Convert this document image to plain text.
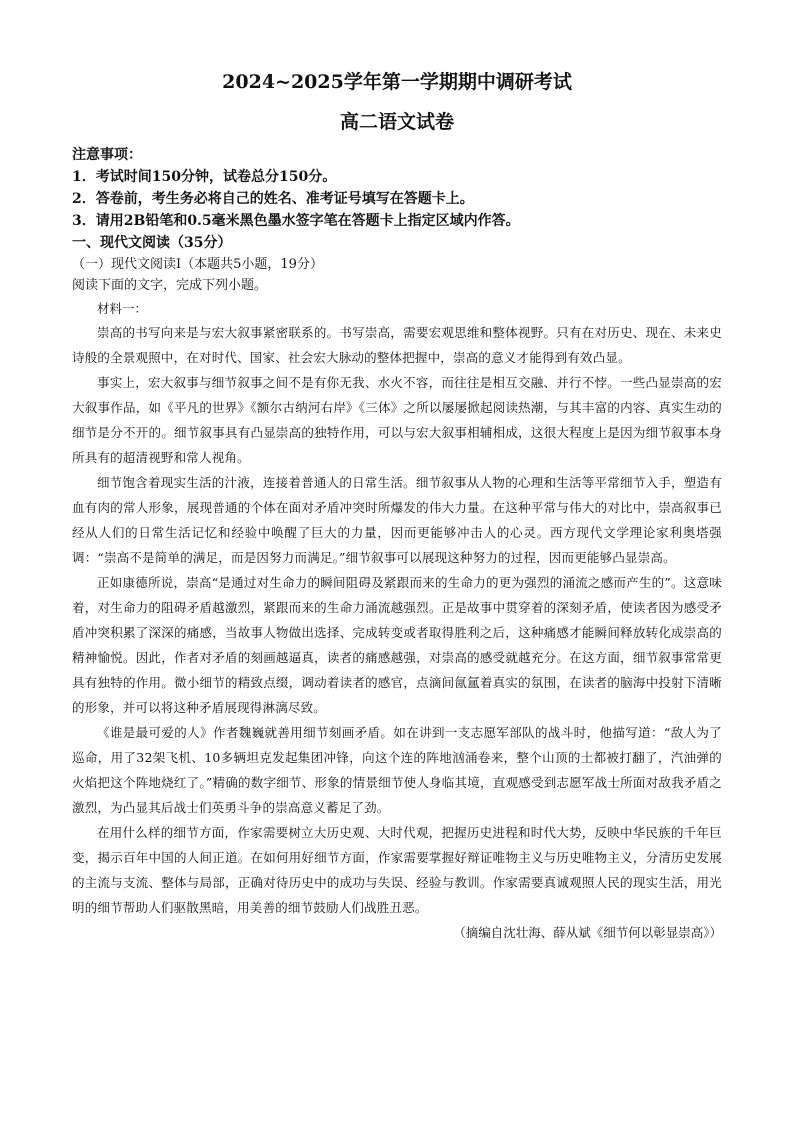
2024~2025学年第一学期期中调研考试
高二语文试卷

注意事项：

1．考试时间150分钟，试卷总分150分。

2．答卷前，考生务必将自己的姓名、准考证号填写在答题卡上。

3．请用2B铅笔和0.5毫米黑色墨水签字笔在答题卡上指定区域内作答。

一、现代文阅读（35分）

（一）现代文阅读Ⅰ（本题共5小题，19分）

阅读下面的文字，完成下列小题。

材料一：

崇高的书写向来是与宏大叙事紧密联系的。书写崇高，需要宏观思维和整体视野。只有在对历史、现在、未来史诗般的全景观照中，在对时代、国家、社会宏大脉动的整体把握中，崇高的意义才能得到有效凸显。

事实上，宏大叙事与细节叙事之间不是有你无我、水火不容，而往往是相互交融、并行不悖。一些凸显崇高的宏大叙事作品，如《平凡的世界》《额尔古纳河右岸》《三体》之所以屡屡掀起阅读热潮，与其丰富的内容、真实生动的细节是分不开的。细节叙事具有凸显崇高的独特作用，可以与宏大叙事相辅相成，这很大程度上是因为细节叙事本身所具有的超清视野和常人视角。

细节饱含着现实生活的汁液，连接着普通人的日常生活。细节叙事从人物的心理和生活等平常细节入手，塑造有血有肉的常人形象，展现普通的个体在面对矛盾冲突时所爆发的伟大力量。在这种平常与伟大的对比中，崇高叙事已经从人们的日常生活记忆和经验中唤醒了巨大的力量，因而更能够冲击人的心灵。西方现代文学理论家利奥塔强调：“崇高不是简单的满足，而是因努力而满足。”细节叙事可以展现这种努力的过程，因而更能够凸显崇高。

正如康德所说，崇高“是通过对生命力的瞬间阻碍及紧跟而来的生命力的更为强烈的涌流之感而产生的”。这意味着，对生命力的阻碍矛盾越激烈，紧跟而来的生命力涌流越强烈。正是故事中贯穿着的深刻矛盾，使读者因为感受矛盾冲突积累了深深的痛感，当故事人物做出选择、完成转变或者取得胜利之后，这种痛感才能瞬间释放转化成崇高的精神愉悦。因此，作者对矛盾的刻画越逼真，读者的痛感越强，对崇高的感受就越充分。在这方面，细节叙事常常更具有独特的作用。微小细节的精致点缀，调动着读者的感官，点滴间氤氲着真实的氛围，在读者的脑海中投射下清晰的形象，并可以将这种矛盾展现得淋漓尽致。

《谁是最可爱的人》作者魏巍就善用细节刻画矛盾。如在讲到一支志愿军部队的战斗时，他描写道：“敌人为了巡命，用了32架飞机、10多辆坦克发起集团冲锋，向这个连的阵地汹涌卷来，整个山顶的土都被打翻了，汽油弹的火焰把这个阵地烧红了。”精确的数字细节、形象的情景细节使人身临其境，直观感受到志愿军战士所面对敌我矛盾之激烈，为凸显其后战士们英勇斗争的崇高意义蓄足了劲。

在用什么样的细节方面，作家需要树立大历史观、大时代观，把握历史进程和时代大势，反映中华民族的千年巨变，揭示百年中国的人间正道。在如何用好细节方面，作家需要掌握好辩证唯物主义与历史唯物主义，分清历史发展的主流与支流、整体与局部，正确对待历史中的成功与失误、经验与教训。作家需要真诚观照人民的现实生活，用光明的细节帮助人们驱散黑暗，用美善的细节鼓励人们战胜丑恶。

（摘编自沈壮海、薛从斌《细节何以彰显崇高》）
